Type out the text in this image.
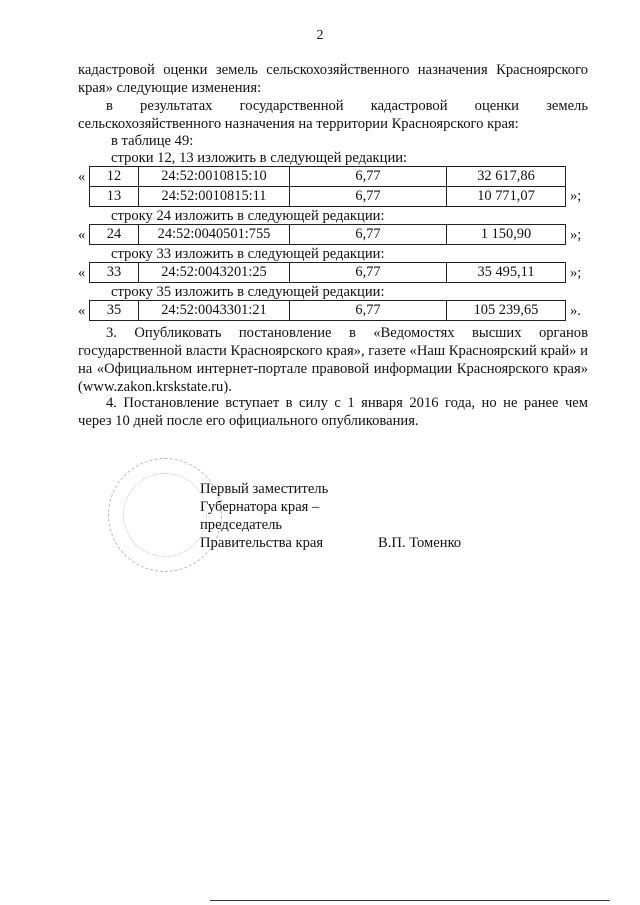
2
кадастровой оценки земель сельскохозяйственного назначения Красноярского
края» следующие изменения:
в результатах государственной кадастровой оценки земель
сельскохозяйственного назначения на территории Красноярского края:
в таблице 49:
строки 12, 13 изложить в следующей редакции:
« 12	24:52:0010815:10	6,77	32 617,86
13	24:52:0010815:11	6,77	10 771,07 »;
строку 24 изложить в следующей редакции:
« 24	24:52:0040501:755	6,77	1 150,90	»;
строку 33 изложить в следующей редакции:
« 33	24:52:0043201:25	6,77	35 495,11 »;
строку 35 изложить в следующей редакции:
« 35	24:52:0043301:21	6,77	105 239,65 ».
3. Опубликовать постановление в «Ведомостях высших органов государственной власти Красноярского края», газете «Наш Красноярский край» и на «Официальном интернет-портале правовой информации Красноярского края» (www.zakon.krskstate.ru).
4. Постановление вступает в силу с 1 января 2016 года, но не ранее чем через 10 дней после его официального опубликования.
Первый заместитель
Губернатора края –
председатель
Правительства края	В.П. Томенко
